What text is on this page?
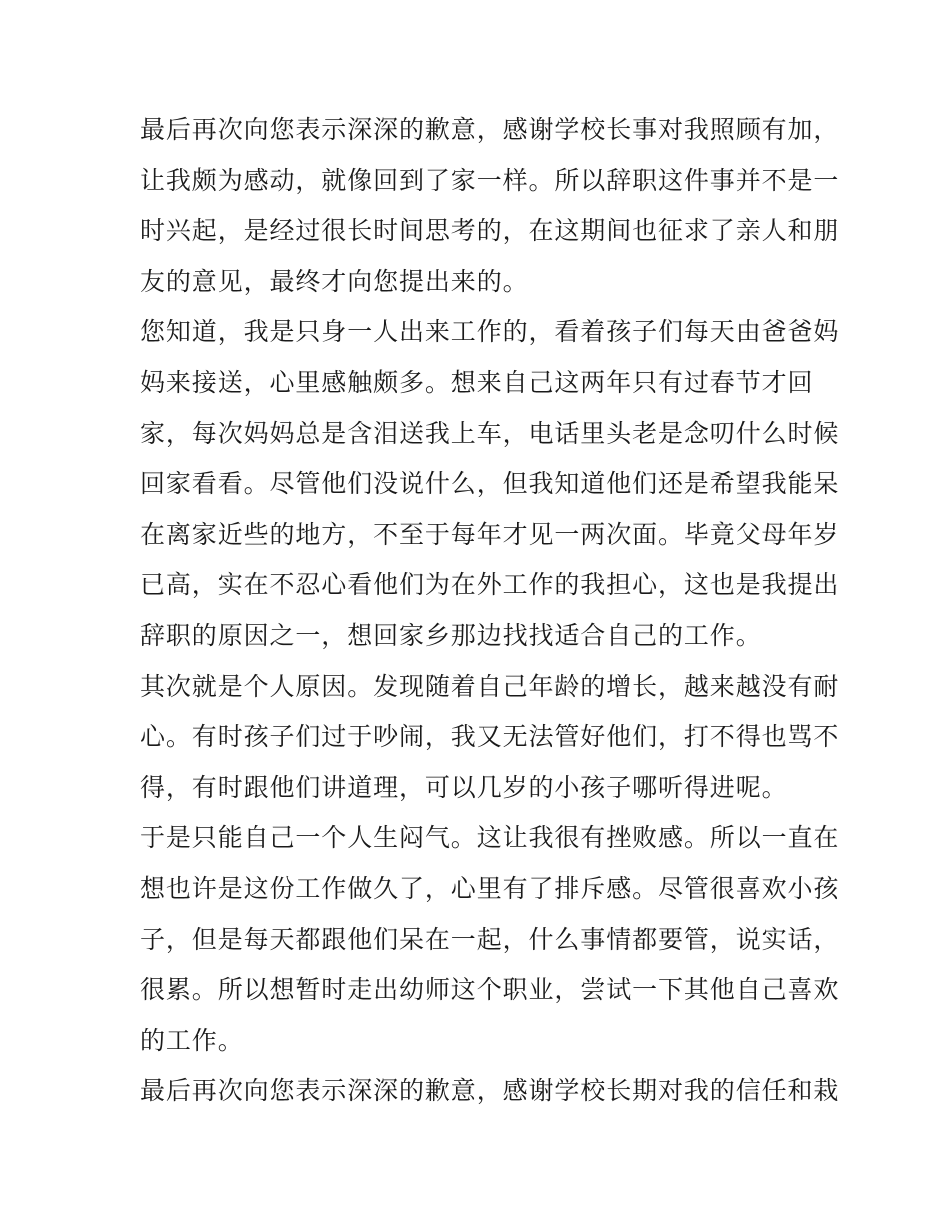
最后再次向您表示深深的歉意，感谢学校长事对我照顾有加，
让我颇为感动，就像回到了家一样。所以辞职这件事并不是一
时兴起，是经过很长时间思考的，在这期间也征求了亲人和朋
友的意见，最终才向您提出来的。
您知道，我是只身一人出来工作的，看着孩子们每天由爸爸妈
妈来接送，心里感触颇多。想来自己这两年只有过春节才回
家，每次妈妈总是含泪送我上车，电话里头老是念叨什么时候
回家看看。尽管他们没说什么，但我知道他们还是希望我能呆
在离家近些的地方，不至于每年才见一两次面。毕竟父母年岁
已高，实在不忍心看他们为在外工作的我担心，这也是我提出
辞职的原因之一，想回家乡那边找找适合自己的工作。
其次就是个人原因。发现随着自己年龄的增长，越来越没有耐
心。有时孩子们过于吵闹，我又无法管好他们，打不得也骂不
得，有时跟他们讲道理，可以几岁的小孩子哪听得进呢。
于是只能自己一个人生闷气。这让我很有挫败感。所以一直在
想也许是这份工作做久了，心里有了排斥感。尽管很喜欢小孩
子，但是每天都跟他们呆在一起，什么事情都要管，说实话，
很累。所以想暂时走出幼师这个职业，尝试一下其他自己喜欢
的工作。
最后再次向您表示深深的歉意，感谢学校长期对我的信任和栽
